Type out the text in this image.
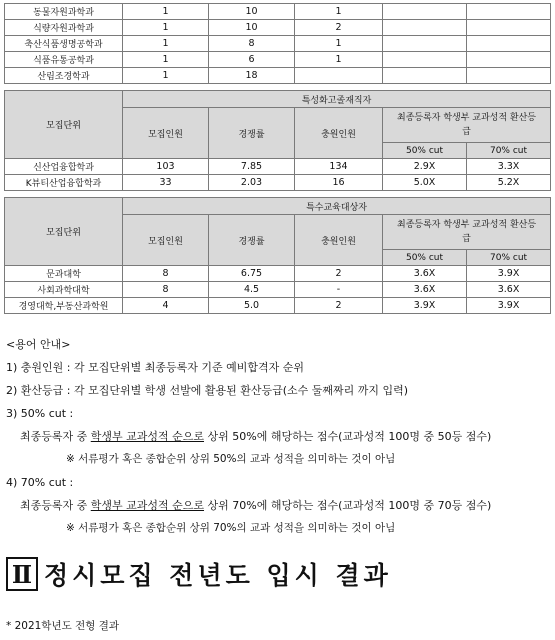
동물자원과학과	1	10	1		
식량자원과학과	1	10	2		
축산식품생명공학과	1	8	1		
식품유통공학과	1	6	1		
산림조경학과	1	18			
모집단위	특성화고졸재직자				
	모집인원	경쟁률	충원인원	최종등록자 학생부 교과성적 환산등급	
				50% cut	70% cut
신산업융합학과	103	7.85	134	2.9X	3.3X
K뷰티산업융합학과	33	2.03	16	5.0X	5.2X
모집단위	특수교육대상자				
	모집인원	경쟁률	충원인원	최종등록자 학생부 교과성적 환산등급	
				50% cut	70% cut
문과대학	8	6.75	2	3.6X	3.9X
사회과학대학	8	4.5	-	3.6X	3.6X
경영대학,부동산과학원	4	5.0	2	3.9X	3.9X
<용어 안내>
1) 충원인원 : 각 모집단위별 최종등록자 기준 예비합격자 순위
2) 환산등급 : 각 모집단위별 학생 선발에 활용된 환산등급(소수 둘째짜리 까지 입력)
3) 50% cut :
최종등록자 중 학생부 교과성적 순으로 상위 50%에 해당하는 점수(교과성적 100명 중 50등 점수)
※ 서류평가 혹은 종합순위 상위 50%의 교과 성적을 의미하는 것이 아님
4) 70% cut :
최종등록자 중 학생부 교과성적 순으로 상위 70%에 해당하는 점수(교과성적 100명 중 70등 점수)
※ 서류평가 혹은 종합순위 상위 70%의 교과 성적을 의미하는 것이 아님
Ⅱ 정시모집 전년도 입시 결과
* 2021학년도 전형 결과
